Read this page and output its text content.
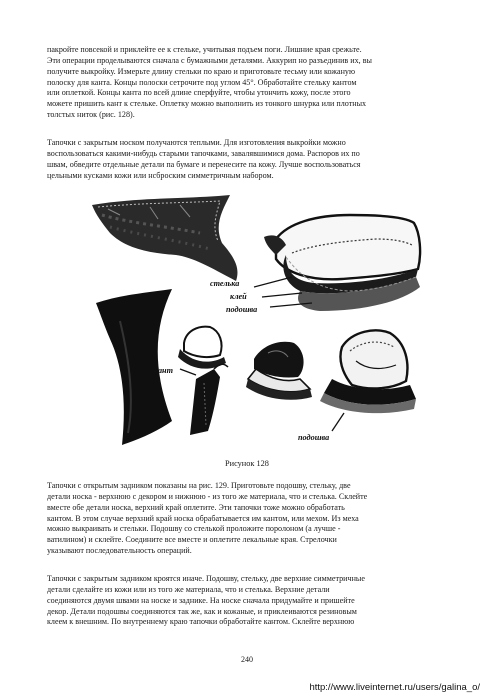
пакройте повсекой и приклейте ее к стельке, учитывая подъем поги. Лишние края срежьте.
Эти операции проделываются сначала с бумажными деталями. Аккурип но разъединив их, вы
получите выкройку. Измерьте длину стельки по краю и приготовьте тесьму или кожаную
полоску для канта. Концы полоски сетрочите под углом 45°. Обработайте стельку кантом
или оплеткой. Концы канта по всей длине сперфуйте, чтобы утончить кожу, после этого
можете пришить кант к стельке. Оплетку можно выполнить из тонкого шнурка или плотных
толстых ниток (рис. 128).
Тапочки с закрытым носком получаются теплыми. Для изготовления выкройки можно
воспользоваться какими-нибудь старыми тапочками, завалявшимися дома. Распоров их по
швам, обведите отдельные детали па бумаге и перенесите па кожу. Лучше воспользоваться
цельными кусками кожи или нсброским симметричным набором.
стелька
клей
подошва
кант
подошва
Рисунок 128
Тапочки с открытым задником показаны на рис. 129. Приготовьте подошву, стельку, две
детали носка - верхнюю с декором и нижнюю - из того же материала, что и стелька. Склейте
вместе обе детали носка, верхний край оплетите. Эти тапочки тоже можно обработать
кантом. В этом случае верхний край носка обрабатывается им кантом, или мехом. Из меха
можно выкраивать и стельки. Подошву со стелькой проложите поролоном (а лучше -
ватилином) и склейте. Соедините все вместе и оплетите лекальные края. Стрелочки
указывают последовательность операций.
Тапочки с закрытым задником кроятся иначе. Подошву, стельку, две верхние симметричные
детали сделайте из кожи или из того же материала, что и стелька. Верхние детали
соединяются двумя швами на носке и заднике. На носке сначала придумайте и пришейте
декор. Детали подошвы соединяются так же, как и кожаные, и приклеиваются резиновым
клеем к внешним. По внутреннему краю тапочки обработайте кантом. Склейте верхнюю
240
http://www.liveinternet.ru/users/galina_o/
